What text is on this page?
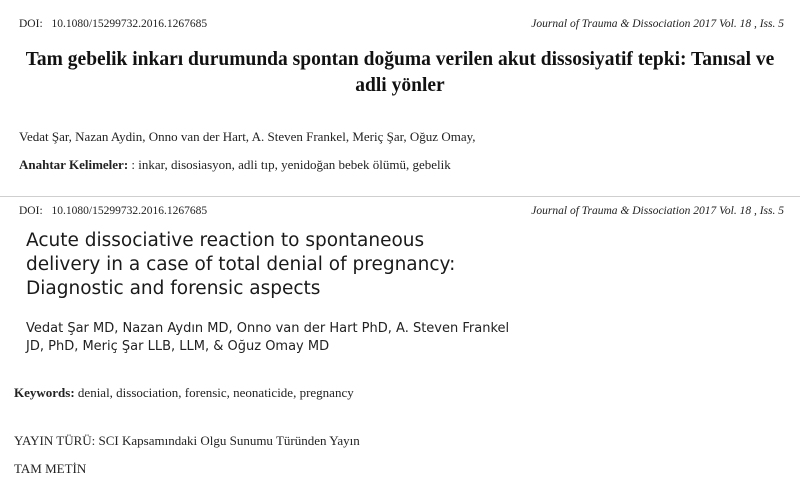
DOI: 10.1080/15299732.2016.1267685	Journal of Trauma & Dissociation 2017 Vol. 18 , Iss. 5
Tam gebelik inkarı durumunda spontan doğuma verilen akut dissosiyatif tepki: Tanısal ve
adli yönler
Vedat Şar, Nazan Aydin, Onno van der Hart, A. Steven Frankel, Meriç Şar, Oğuz Omay,
Anahtar Kelimeler: : inkar, disosiasyon, adli tıp, yenidoğan bebek ölümü, gebelik
DOI: 10.1080/15299732.2016.1267685	Journal of Trauma & Dissociation 2017 Vol. 18 , Iss. 5
Acute dissociative reaction to spontaneous
delivery in a case of total denial of pregnancy:
Diagnostic and forensic aspects
Vedat Şar MD, Nazan Aydın MD, Onno van der Hart PhD, A. Steven Frankel
JD, PhD, Meriç Şar LLB, LLM, & Oğuz Omay MD
Keywords: denial, dissociation, forensic, neonaticide, pregnancy
YAYIN TÜRÜ: SCI Kapsamındaki Olgu Sunumu Türünden Yayın
TAM METİN
